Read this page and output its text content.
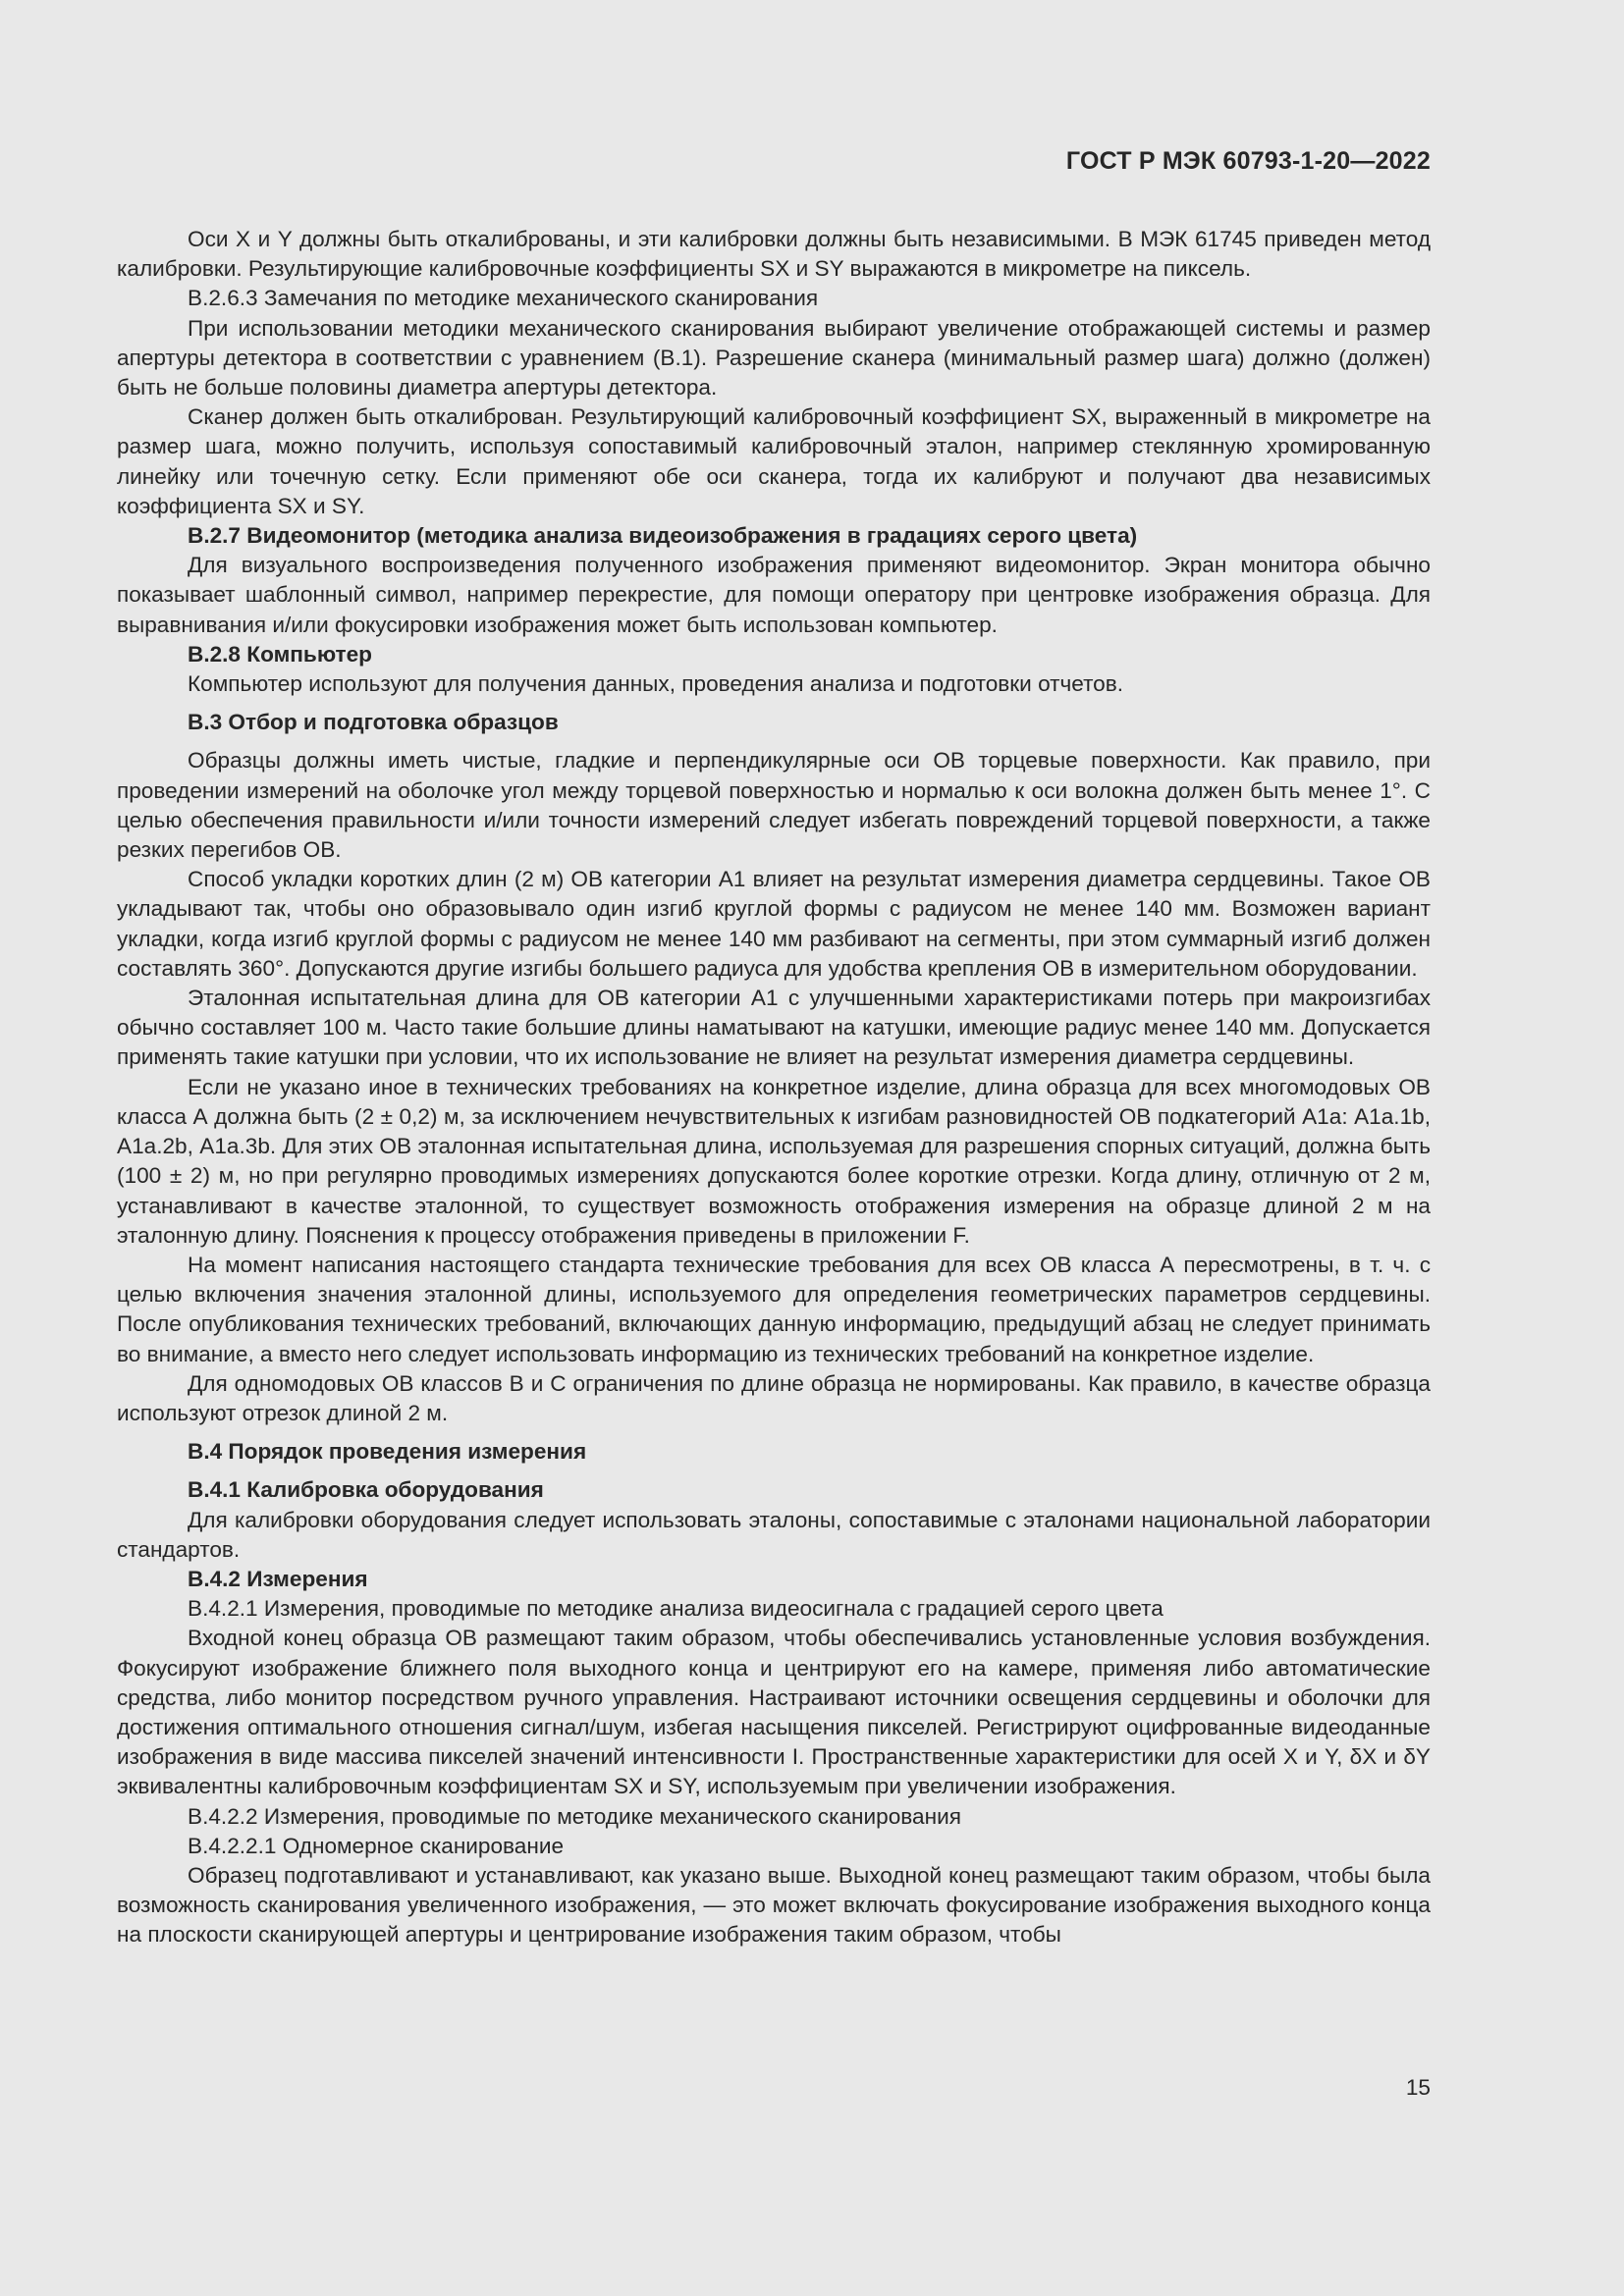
ГОСТ Р МЭК 60793-1-20—2022

Оси X и Y должны быть откалиброваны, и эти калибровки должны быть независимыми. В МЭК 61745 приведен метод калибровки. Результирующие калибровочные коэффициенты SX и SY выражаются в микрометре на пиксель.

B.2.6.3 Замечания по методике механического сканирования

При использовании методики механического сканирования выбирают увеличение отображающей системы и размер апертуры детектора в соответствии с уравнением (B.1). Разрешение сканера (минимальный размер шага) должно (должен) быть не больше половины диаметра апертуры детектора.

Сканер должен быть откалиброван. Результирующий калибровочный коэффициент SX, выраженный в микрометре на размер шага, можно получить, используя сопоставимый калибровочный эталон, например стеклянную хромированную линейку или точечную сетку. Если применяют обе оси сканера, тогда их калибруют и получают два независимых коэффициента SX и SY.

B.2.7 Видеомонитор (методика анализа видеоизображения в градациях серого цвета)

Для визуального воспроизведения полученного изображения применяют видеомонитор. Экран монитора обычно показывает шаблонный символ, например перекрестие, для помощи оператору при центровке изображения образца. Для выравнивания и/или фокусировки изображения может быть использован компьютер.

B.2.8 Компьютер

Компьютер используют для получения данных, проведения анализа и подготовки отчетов.

B.3 Отбор и подготовка образцов

Образцы должны иметь чистые, гладкие и перпендикулярные оси ОВ торцевые поверхности. Как правило, при проведении измерений на оболочке угол между торцевой поверхностью и нормалью к оси волокна должен быть менее 1°. С целью обеспечения правильности и/или точности измерений следует избегать повреждений торцевой поверхности, а также резких перегибов ОВ.

Способ укладки коротких длин (2 м) ОВ категории А1 влияет на результат измерения диаметра сердцевины. Такое ОВ укладывают так, чтобы оно образовывало один изгиб круглой формы с радиусом не менее 140 мм. Возможен вариант укладки, когда изгиб круглой формы с радиусом не менее 140 мм разбивают на сегменты, при этом суммарный изгиб должен составлять 360°. Допускаются другие изгибы большего радиуса для удобства крепления ОВ в измерительном оборудовании.

Эталонная испытательная длина для ОВ категории А1 с улучшенными характеристиками потерь при макроизгибах обычно составляет 100 м. Часто такие большие длины наматывают на катушки, имеющие радиус менее 140 мм. Допускается применять такие катушки при условии, что их использование не влияет на результат измерения диаметра сердцевины.

Если не указано иное в технических требованиях на конкретное изделие, длина образца для всех многомодовых ОВ класса А должна быть (2 ± 0,2) м, за исключением нечувствительных к изгибам разновидностей ОВ подкатегорий А1а: А1а.1b, А1а.2b, А1а.3b. Для этих ОВ эталонная испытательная длина, используемая для разрешения спорных ситуаций, должна быть (100 ± 2) м, но при регулярно проводимых измерениях допускаются более короткие отрезки. Когда длину, отличную от 2 м, устанавливают в качестве эталонной, то существует возможность отображения измерения на образце длиной 2 м на эталонную длину. Пояснения к процессу отображения приведены в приложении F.

На момент написания настоящего стандарта технические требования для всех ОВ класса А пересмотрены, в т. ч. с целью включения значения эталонной длины, используемого для определения геометрических параметров сердцевины. После опубликования технических требований, включающих данную информацию, предыдущий абзац не следует принимать во внимание, а вместо него следует использовать информацию из технических требований на конкретное изделие.

Для одномодовых ОВ классов В и С ограничения по длине образца не нормированы. Как правило, в качестве образца используют отрезок длиной 2 м.

B.4 Порядок проведения измерения

B.4.1 Калибровка оборудования

Для калибровки оборудования следует использовать эталоны, сопоставимые с эталонами национальной лаборатории стандартов.

B.4.2 Измерения

B.4.2.1 Измерения, проводимые по методике анализа видеосигнала с градацией серого цвета

Входной конец образца ОВ размещают таким образом, чтобы обеспечивались установленные условия возбуждения. Фокусируют изображение ближнего поля выходного конца и центрируют его на камере, применяя либо автоматические средства, либо монитор посредством ручного управления. Настраивают источники освещения сердцевины и оболочки для достижения оптимального отношения сигнал/шум, избегая насыщения пикселей. Регистрируют оцифрованные видеоданные изображения в виде массива пикселей значений интенсивности I. Пространственные характеристики для осей X и Y, δX и δY эквивалентны калибровочным коэффициентам SX и SY, используемым при увеличении изображения.

B.4.2.2 Измерения, проводимые по методике механического сканирования

B.4.2.2.1 Одномерное сканирование

Образец подготавливают и устанавливают, как указано выше. Выходной конец размещают таким образом, чтобы была возможность сканирования увеличенного изображения, — это может включать фокусирование изображения выходного конца на плоскости сканирующей апертуры и центрирование изображения таким образом, чтобы

15
